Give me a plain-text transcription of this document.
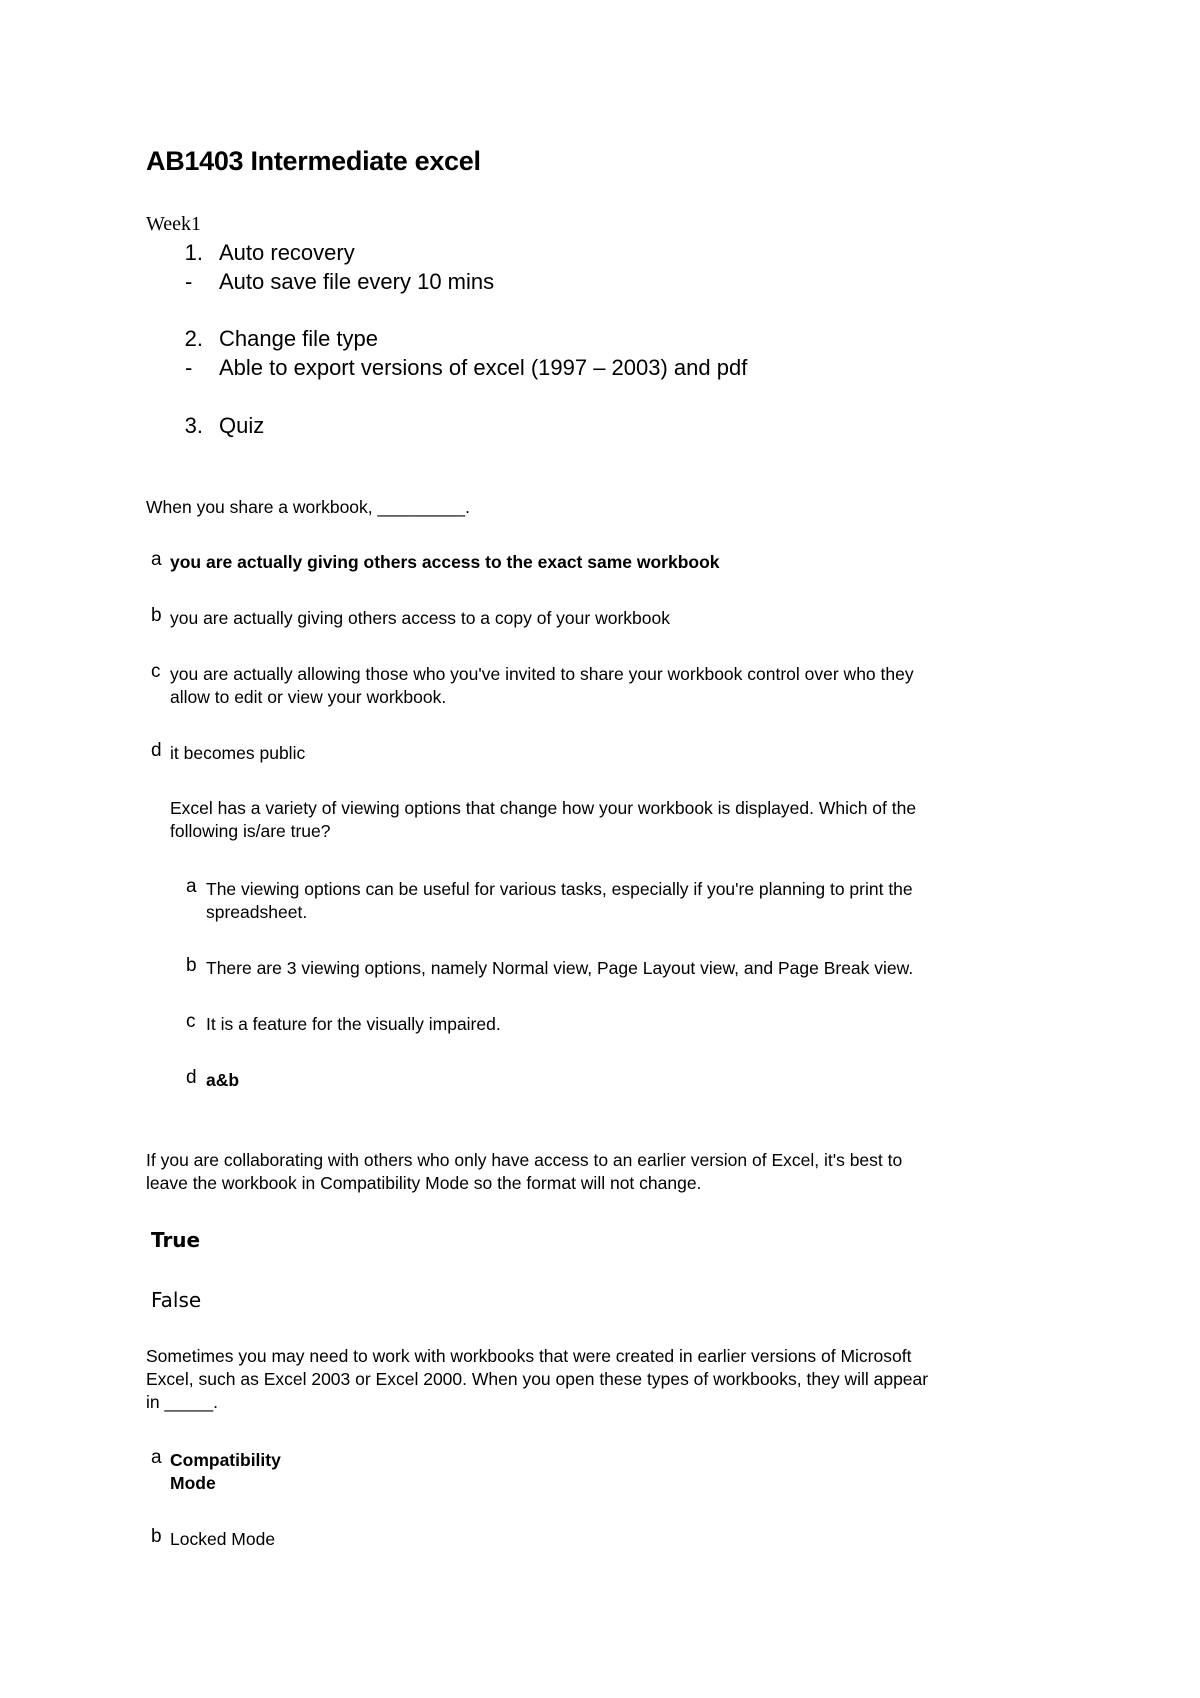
AB1403 Intermediate excel
Week1
1. Auto recovery
- Auto save file every 10 mins
2. Change file type
- Able to export versions of excel (1997 – 2003) and pdf
3. Quiz
When you share a workbook, _________.
a you are actually giving others access to the exact same workbook
b you are actually giving others access to a copy of your workbook
c you are actually allowing those who you've invited to share your workbook control over who they
allow to edit or view your workbook.
d it becomes public
Excel has a variety of viewing options that change how your workbook is displayed. Which of the
following is/are true?
a The viewing options can be useful for various tasks, especially if you're planning to print the
spreadsheet.
b There are 3 viewing options, namely Normal view, Page Layout view, and Page Break view.
c It is a feature for the visually impaired.
d a&b
If you are collaborating with others who only have access to an earlier version of Excel, it's best to
leave the workbook in Compatibility Mode so the format will not change.
True
False
Sometimes you may need to work with workbooks that were created in earlier versions of Microsoft
Excel, such as Excel 2003 or Excel 2000. When you open these types of workbooks, they will appear
in _____.
a Compatibility
Mode
b Locked Mode
